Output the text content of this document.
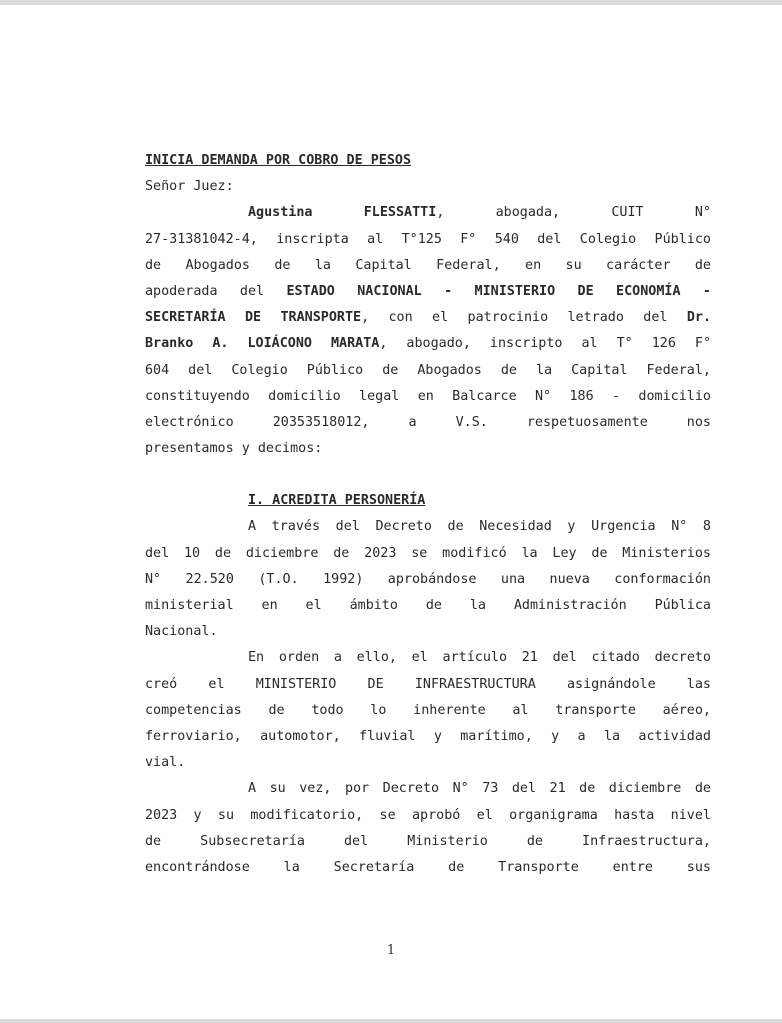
INICIA DEMANDA POR COBRO DE PESOS
Señor Juez:
Agustina	FLESSATTI, abogada, CUIT N°
27-31381042-4, inscripta al T°125 F° 540 del Colegio Público
de Abogados de la Capital Federal, en su carácter de
apoderada del ESTADO NACIONAL - MINISTERIO DE ECONOMÍA -
SECRETARÍA DE TRANSPORTE, con el patrocinio letrado del Dr.
Branko A. LOIÁCONO MARATA, abogado, inscripto al T° 126 F°
604 del Colegio Público de Abogados de la Capital Federal,
constituyendo domicilio legal en Balcarce N° 186 - domicilio
electrónico 20353518012, a V.S. respetuosamente nos
presentamos y decimos:
I. ACREDITA PERSONERÍA
A través del Decreto de Necesidad y Urgencia N° 8
del 10 de diciembre de 2023 se modificó la Ley de Ministerios
N° 22.520 (T.O. 1992) aprobándose una nueva conformación
ministerial en el ámbito de la Administración Pública
Nacional.
En orden a ello, el artículo 21 del citado decreto
creó el MINISTERIO DE INFRAESTRUCTURA asignándole las
competencias de todo lo inherente al transporte aéreo,
ferroviario, automotor, fluvial y marítimo, y a la actividad
vial.
A su vez, por Decreto N° 73 del 21 de diciembre de
2023 y su modificatorio, se aprobó el organigrama hasta nivel
de Subsecretaría del Ministerio de Infraestructura,
encontrándose la Secretaría de Transporte entre sus
1
